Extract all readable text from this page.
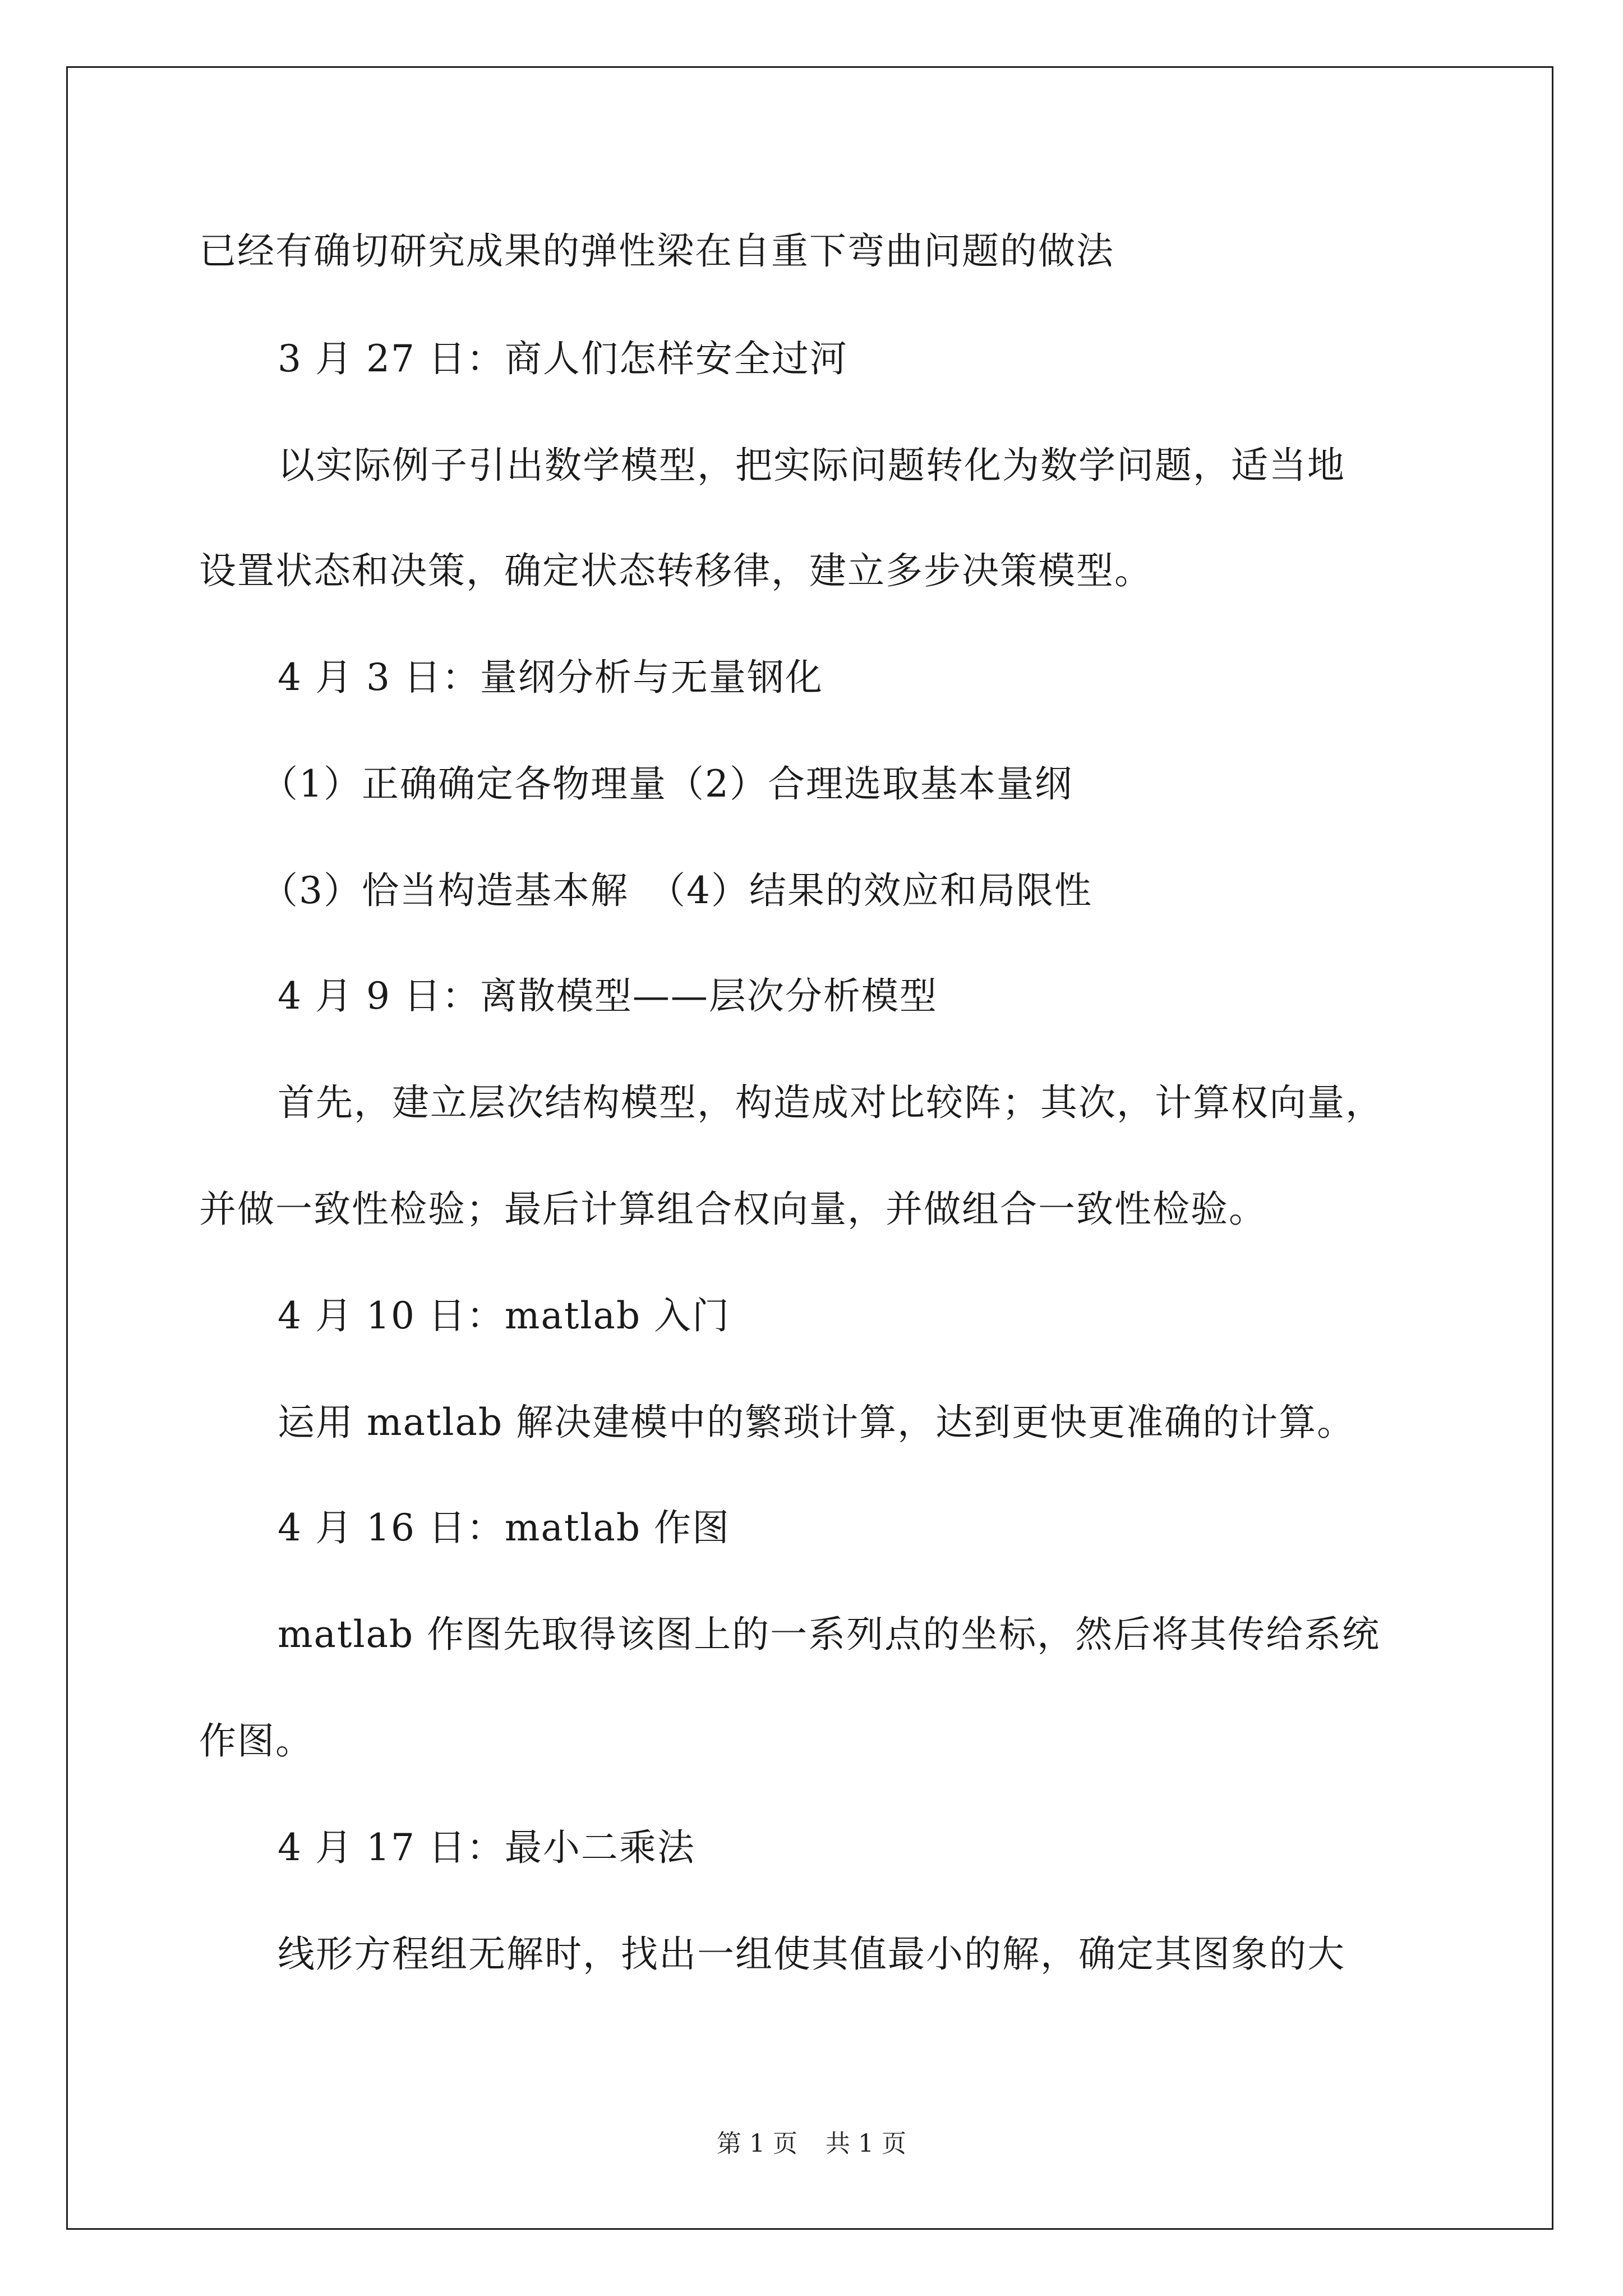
已经有确切研究成果的弹性梁在自重下弯曲问题的做法
3 月 27 日：商人们怎样安全过河
以实际例子引出数学模型，把实际问题转化为数学问题，适当地
设置状态和决策，确定状态转移律，建立多步决策模型。
4 月 3 日：量纲分析与无量钢化
（1）正确确定各物理量（2）合理选取基本量纲
（3）恰当构造基本解　（4）结果的效应和局限性
4 月 9 日：离散模型——层次分析模型
首先，建立层次结构模型，构造成对比较阵；其次，计算权向量，
并做一致性检验；最后计算组合权向量，并做组合一致性检验。
4 月 10 日：matlab 入门
运用 matlab 解决建模中的繁琐计算，达到更快更准确的计算。
4 月 16 日：matlab 作图
matlab 作图先取得该图上的一系列点的坐标，然后将其传给系统
作图。
4 月 17 日：最小二乘法
线形方程组无解时，找出一组使其值最小的解，确定其图象的大
第 1 页 共 1 页
